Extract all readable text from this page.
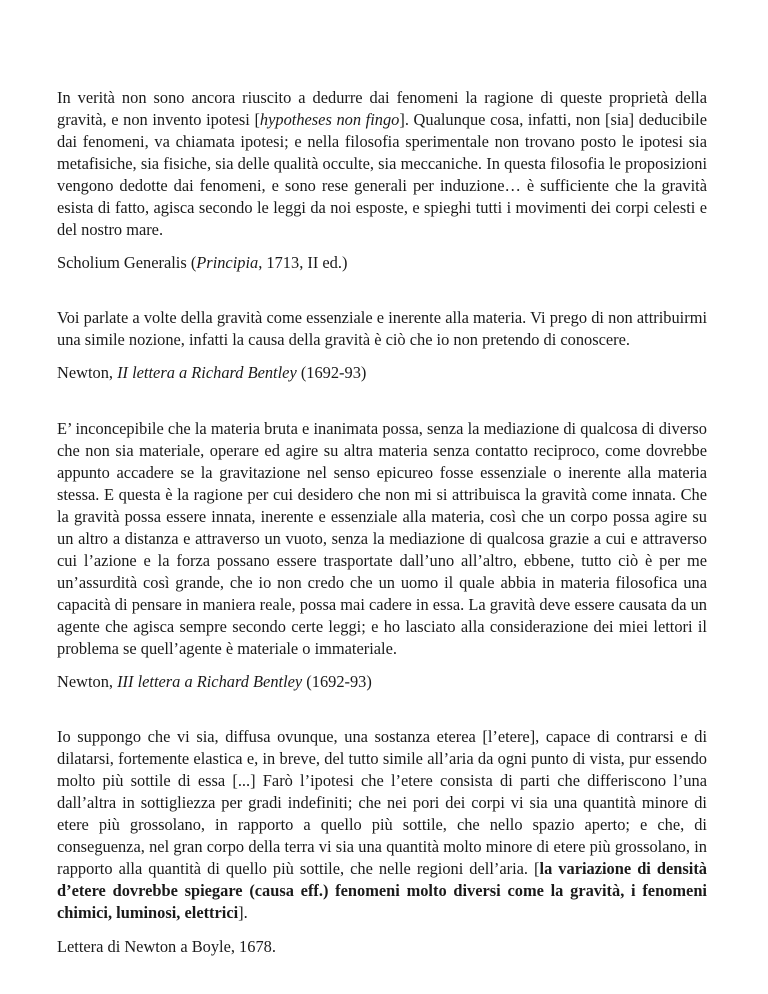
In verità non sono ancora riuscito a dedurre dai fenomeni la ragione di queste proprietà della gravità, e non invento ipotesi [hypotheses non fingo]. Qualunque cosa, infatti, non [sia] deducibile dai fenomeni, va chiamata ipotesi; e nella filosofia sperimentale non trovano posto le ipotesi sia metafisiche, sia fisiche, sia delle qualità occulte, sia meccaniche. In questa filosofia le proposizioni vengono dedotte dai fenomeni, e sono rese generali per induzione… è sufficiente che la gravità esista di fatto, agisca secondo le leggi da noi esposte, e spieghi tutti i movimenti dei corpi celesti e del nostro mare.

Scholium Generalis (Principia, 1713, II ed.)

Voi parlate a volte della gravità come essenziale e inerente alla materia. Vi prego di non attribuirmi una simile nozione, infatti la causa della gravità è ciò che io non pretendo di conoscere.

Newton, II lettera a Richard Bentley (1692-93)

E’ inconcepibile che la materia bruta e inanimata possa, senza la mediazione di qualcosa di diverso che non sia materiale, operare ed agire su altra materia senza contatto reciproco, come dovrebbe appunto accadere se la gravitazione nel senso epicureo fosse essenziale o inerente alla materia stessa. E questa è la ragione per cui desidero che non mi si attribuisca la gravità come innata. Che la gravità possa essere innata, inerente e essenziale alla materia, così che un corpo possa agire su un altro a distanza e attraverso un vuoto, senza la mediazione di qualcosa grazie a cui e attraverso cui l’azione e la forza possano essere trasportate dall’uno all’altro, ebbene, tutto ciò è per me un’assurdità così grande, che io non credo che un uomo il quale abbia in materia filosofica una capacità di pensare in maniera reale, possa mai cadere in essa. La gravità deve essere causata da un agente che agisca sempre secondo certe leggi; e ho lasciato alla considerazione dei miei lettori il problema se quell’agente è materiale o immateriale.

Newton, III lettera a Richard Bentley (1692-93)

Io suppongo che vi sia, diffusa ovunque, una sostanza eterea [l’etere], capace di contrarsi e di dilatarsi, fortemente elastica e, in breve, del tutto simile all’aria da ogni punto di vista, pur essendo molto più sottile di essa [...] Farò l’ipotesi che l’etere consista di parti che differiscono l’una dall’altra in sottigliezza per gradi indefiniti; che nei pori dei corpi vi sia una quantità minore di etere più grossolano, in rapporto a quello più sottile, che nello spazio aperto; e che, di conseguenza, nel gran corpo della terra vi sia una quantità molto minore di etere più grossolano, in rapporto alla quantità di quello più sottile, che nelle regioni dell’aria. [la variazione di densità d’etere dovrebbe spiegare (causa eff.) fenomeni molto diversi come la gravità, i fenomeni chimici, luminosi, elettrici].

Lettera di Newton a Boyle, 1678.
